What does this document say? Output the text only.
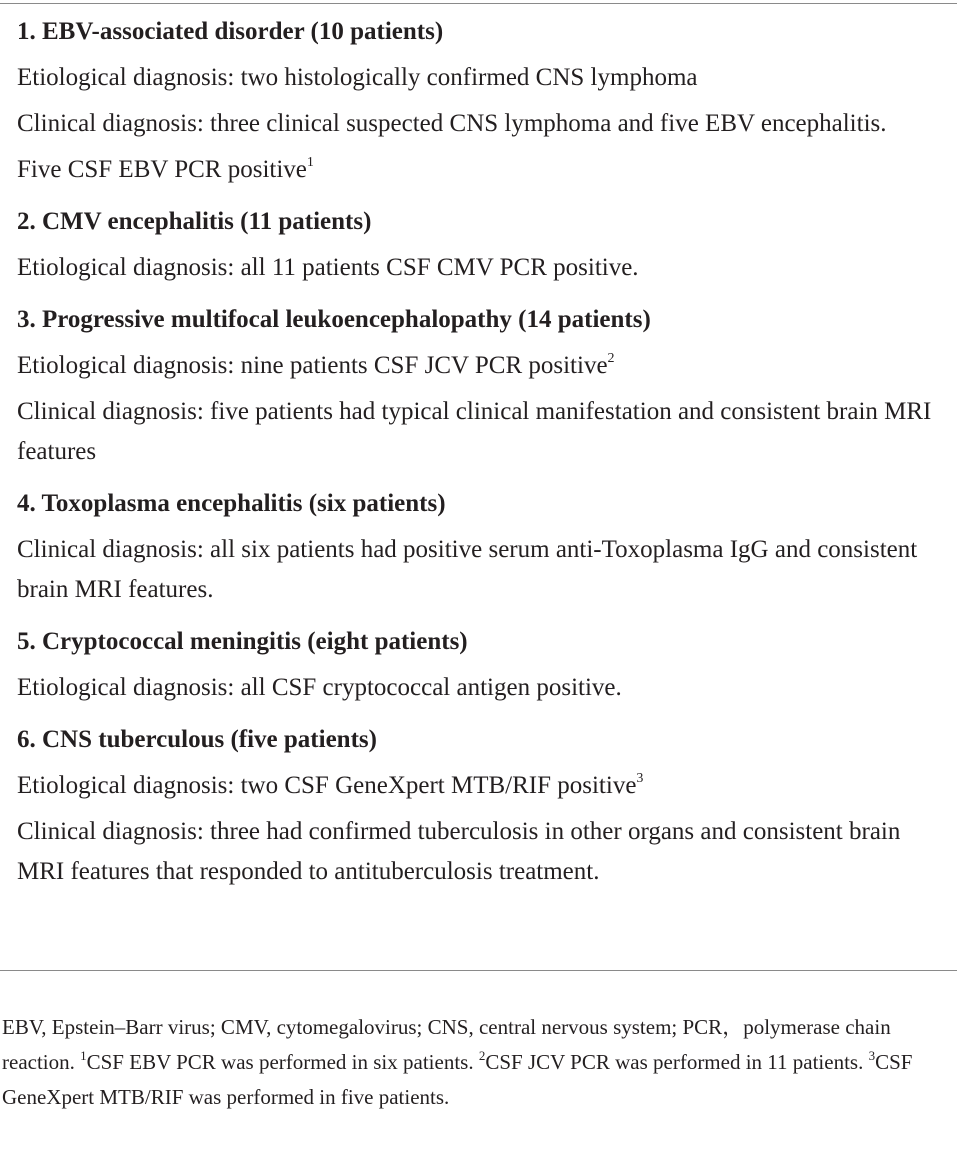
1. EBV-associated disorder (10 patients)
Etiological diagnosis: two histologically confirmed CNS lymphoma
Clinical diagnosis: three clinical suspected CNS lymphoma and five EBV encephalitis.
Five CSF EBV PCR positive$^1$
2. CMV encephalitis (11 patients)
Etiological diagnosis: all 11 patients CSF CMV PCR positive.
3. Progressive multifocal leukoencephalopathy (14 patients)
Etiological diagnosis: nine patients CSF JCV PCR positive$^2$
Clinical diagnosis: five patients had typical clinical manifestation and consistent brain MRI features
4. Toxoplasma encephalitis (six patients)
Clinical diagnosis: all six patients had positive serum anti-Toxoplasma IgG and consistent brain MRI features.
5. Cryptococcal meningitis (eight patients)
Etiological diagnosis: all CSF cryptococcal antigen positive.
6. CNS tuberculous (five patients)
Etiological diagnosis: two CSF GeneXpert MTB/RIF positive$^3$
Clinical diagnosis: three had confirmed tuberculosis in other organs and consistent brain MRI features that responded to antituberculosis treatment.
EBV, Epstein–Barr virus; CMV, cytomegalovirus; CNS, central nervous system; PCR，polymerase chain reaction. $^1$CSF EBV PCR was performed in six patients. $^2$CSF JCV PCR was performed in 11 patients. $^3$CSF GeneXpert MTB/RIF was performed in five patients.
